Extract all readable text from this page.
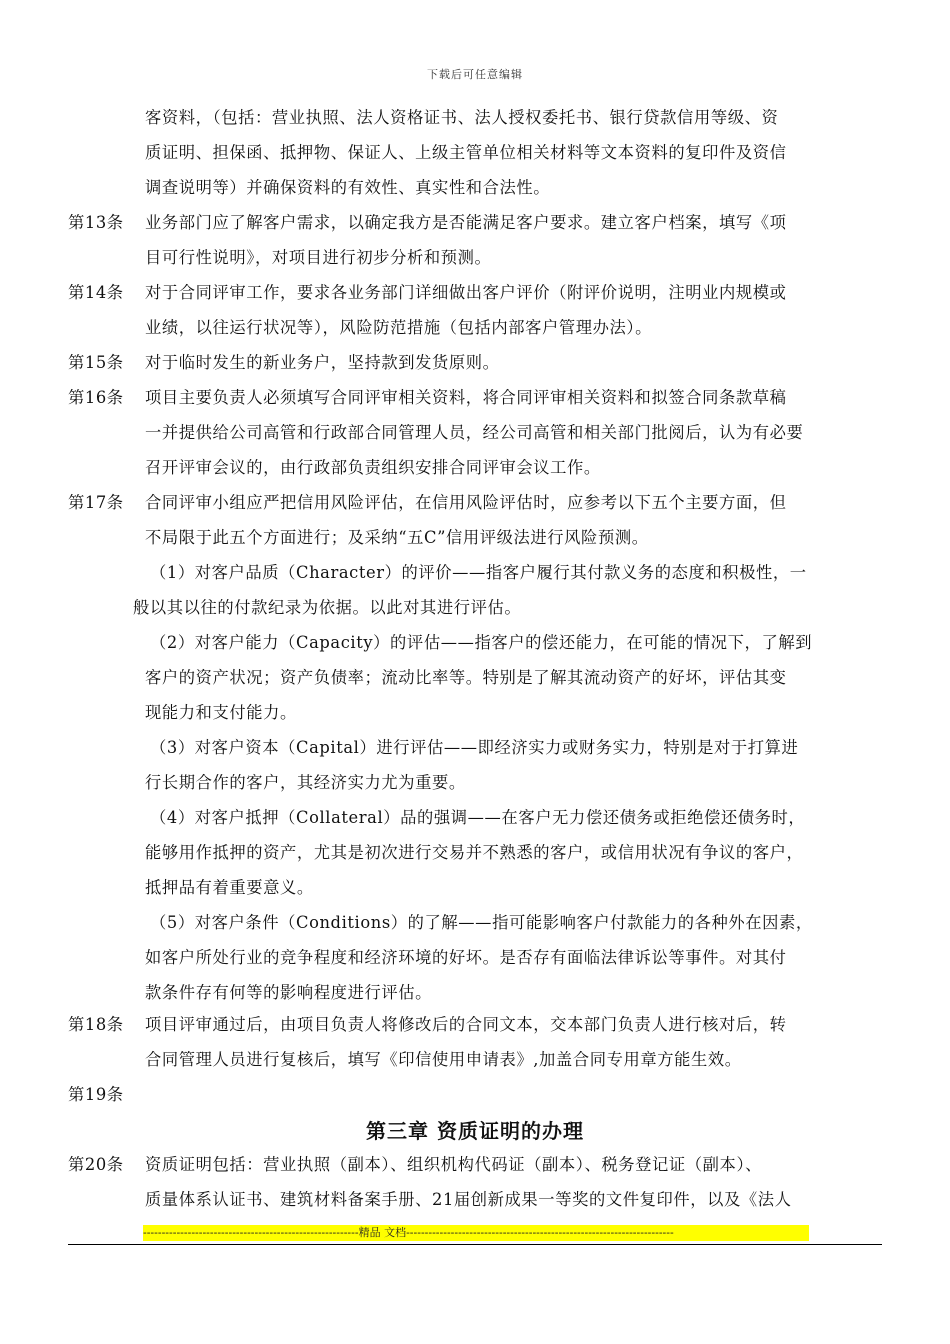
下载后可任意编辑
第13条
第14条
第15条
第16条
第17条
第18条
第19条
第20条
客资料，（包括：营业执照、法人资格证书、法人授权委托书、银行贷款信用等级、资
质证明、担保函、抵押物、保证人、上级主管单位相关材料等文本资料的复印件及资信
调查说明等）并确保资料的有效性、真实性和合法性。
业务部门应了解客户需求，以确定我方是否能满足客户要求。建立客户档案，填写《项
目可行性说明》，对项目进行初步分析和预测。
对于合同评审工作，要求各业务部门详细做出客户评价（附评价说明，注明业内规模或
业绩，以往运行状况等），风险防范措施（包括内部客户管理办法）。
对于临时发生的新业务户，坚持款到发货原则。
项目主要负责人必须填写合同评审相关资料，将合同评审相关资料和拟签合同条款草稿
一并提供给公司高管和行政部合同管理人员，经公司高管和相关部门批阅后，认为有必要
召开评审会议的，由行政部负责组织安排合同评审会议工作。
合同评审小组应严把信用风险评估，在信用风险评估时，应参考以下五个主要方面，但
不局限于此五个方面进行；及采纳“五C”信用评级法进行风险预测。
（1）对客户品质（Character）的评价——指客户履行其付款义务的态度和积极性，一
般以其以往的付款纪录为依据。以此对其进行评估。
（2）对客户能力（Capacity）的评估——指客户的偿还能力，在可能的情况下，了解到
客户的资产状况；资产负债率；流动比率等。特别是了解其流动资产的好坏，评估其变
现能力和支付能力。
（3）对客户资本（Capital）进行评估——即经济实力或财务实力，特别是对于打算进
行长期合作的客户，其经济实力尤为重要。
（4）对客户抵押（Collateral）品的强调——在客户无力偿还债务或拒绝偿还债务时，
能够用作抵押的资产，尤其是初次进行交易并不熟悉的客户，或信用状况有争议的客户，
抵押品有着重要意义。
（5）对客户条件（Conditions）的了解——指可能影响客户付款能力的各种外在因素，
如客户所处行业的竞争程度和经济环境的好坏。是否存有面临法律诉讼等事件。对其付
款条件存有何等的影响程度进行评估。
项目评审通过后，由项目负责人将修改后的合同文本，交本部门负责人进行核对后，转
合同管理人员进行复核后，填写《印信使用申请表》,加盖合同专用章方能生效。
资质证明包括：营业执照（副本）、组织机构代码证（副本）、税务登记证（副本）、
质量体系认证书、建筑材料备案手册、21届创新成果一等奖的文件复印件，以及《法人
第三章 资质证明的办理
----------------------------------------------------------精品 文档------------------------------------------------------------------------
